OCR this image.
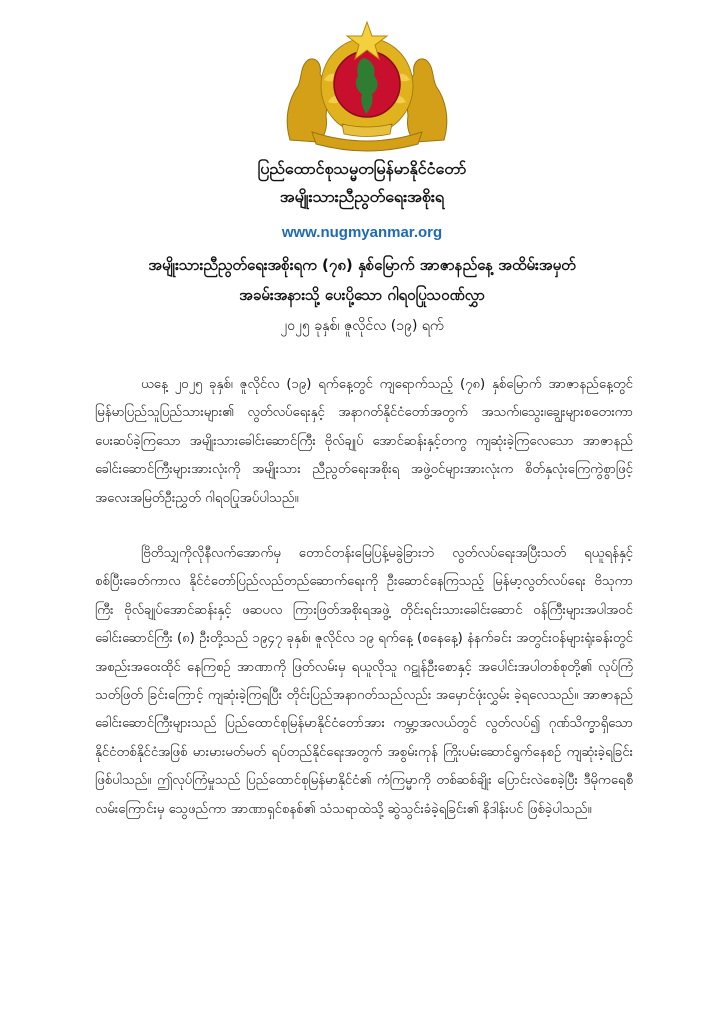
ပြည်ထောင်စုသမ္မတမြန်မာနိုင်ငံတော်
အမျိုးသားညီညွတ်ရေးအစိုးရ
www.nugmyanmar.org
အမျိုးသားညီညွတ်ရေးအစိုးရက (၇၈) နှစ်မြောက် အာဇာနည်နေ့ အထိမ်းအမှတ်
အခမ်းအနားသို့ ပေးပို့သော ဂါရဝပြုသဝဏ်လွှာ
၂၀၂၅ ခုနှစ်၊ ဇူလိုင်လ (၁၉) ရက်
ယနေ့ ၂၀၂၅ ခုနှစ်၊ ဇူလိုင်လ (၁၉) ရက်နေ့တွင် ကျရောက်သည့် (၇၈) နှစ်မြောက် အာဇာနည်နေ့တွင် မြန်မာပြည်သူပြည်သားများ၏ လွတ်လပ်ရေးနှင့် အနာဂတ်နိုင်ငံတော်အတွက် အသက်၊သွေး၊ချွေးများစတေးကာ ပေးဆပ်ခဲ့ကြသော အမျိုးသားခေါင်းဆောင်ကြီး ဗိုလ်ချုပ် အောင်ဆန်းနှင့်တကွ ကျဆုံးခဲ့ကြလေသော အာဇာနည်ခေါင်းဆောင်ကြီးများအားလုံးကို အမျိုးသား ညီညွတ်ရေးအစိုးရ အဖွဲ့ဝင်များအားလုံးက စိတ်နှလုံးကြေကွဲစွာဖြင့် အလေးအမြတ်ဦးညွှတ် ဂါရဝပြုအပ်ပါသည်။
ဗြိတိသျှကိုလိုနီလက်အောက်မှ တောင်တန်းမြေပြန့်မခွဲခြားဘဲ လွတ်လပ်ရေးအပြီးသတ် ရယူရန်နှင့် စစ်ပြီးခေတ်ကာလ နိုင်ငံတော်ပြည်လည်တည်ဆောက်ရေးကို ဦးဆောင်နေကြသည့် မြန်မာ့လွတ်လပ်ရေး ဗိသုကာကြီး ဗိုလ်ချုပ်အောင်ဆန်းနှင့် ဖဆပလ ကြားဖြတ်အစိုးရအဖွဲ့ တိုင်းရင်းသားခေါင်းဆောင် ဝန်ကြီးများအပါအဝင် ခေါင်းဆောင်ကြီး (၈) ဦးတို့သည် ၁၉၄၇ ခုနှစ်၊ ဇူလိုင်လ ၁၉ ရက်နေ့ (စနေနေ့) နံနက်ခင်း အတွင်းဝန်များရုံးခန်းတွင် အစည်းအဝေးထိုင် နေကြစဉ် အာဏာကို ဖြတ်လမ်းမှ ရယူလိုသူ ဂဠုန်ဦးစောနှင့် အပေါင်းအပါတစ်စုတို့၏ လုပ်ကြံသတ်ဖြတ် ခြင်းကြောင့် ကျဆုံးခဲ့ကြရပြီး တိုင်းပြည်အနာဂတ်သည်လည်း အမှောင်ဖုံးလွှမ်း ခဲ့ရလေသည်။ အာဇာနည်ခေါင်းဆောင်ကြီးများသည် ပြည်ထောင်စုမြန်မာနိုင်ငံတော်အား ကမ္ဘာ့အလယ်တွင် လွတ်လပ်၍ ဂုဏ်သိက္ခာရှိသော နိုင်ငံတစ်နိုင်ငံအဖြစ် မားမားမတ်မတ် ရပ်တည်နိုင်ရေးအတွက် အစွမ်းကုန် ကြိုးပမ်းဆောင်ရွက်နေစဉ် ကျဆုံးခဲ့ရခြင်း ဖြစ်ပါသည်။ ဤလုပ်ကြံမှုသည် ပြည်ထောင်စုမြန်မာနိုင်ငံ၏ ကံကြမ္မာကို တစ်ဆစ်ချိုး ပြောင်းလဲစေခဲ့ပြီး ဒီမိုကရေစီ လမ်းကြောင်းမှ သွေဖည်ကာ အာဏာရှင်စနစ်၏ သံသရာထဲသို့ ဆွဲသွင်းခံခဲ့ရခြင်း၏ နိဒါန်းပင် ဖြစ်ခဲ့ပါသည်။
